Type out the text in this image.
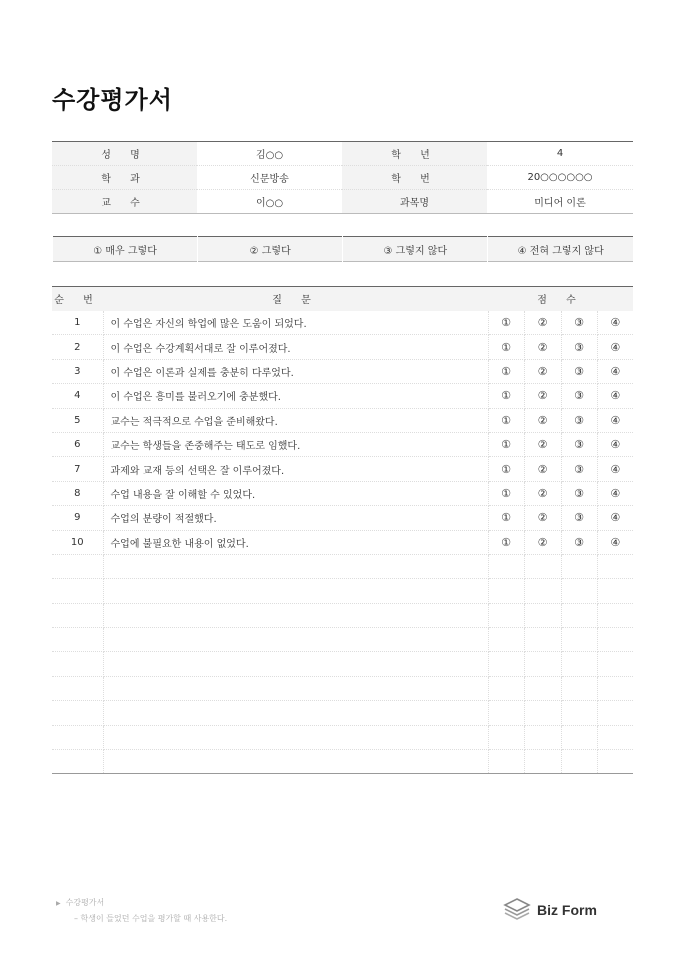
수강평가서
성 명	김○○	학 년	4
학 과	신문방송	학 번	20○○○○○○
교 수	이○○	과목명	미디어 이론
① 매우 그렇다	② 그렇다	③ 그렇지 않다	④ 전혀 그렇지 않다
순 번	질 문	점 수			
1	이 수업은 자신의 학업에 많은 도움이 되었다.	①	②	③	④
2	이 수업은 수강계획서대로 잘 이루어졌다.	①	②	③	④
3	이 수업은 이론과 실제를 충분히 다루었다.	①	②	③	④
4	이 수업은 흥미를 불러오기에 충분했다.	①	②	③	④
5	교수는 적극적으로 수업을 준비해왔다.	①	②	③	④
6	교수는 학생들을 존중해주는 태도로 임했다.	①	②	③	④
7	과제와 교재 등의 선택은 잘 이루어졌다.	①	②	③	④
8	수업 내용을 잘 이해할 수 있었다.	①	②	③	④
9	수업의 분량이 적절했다.	①	②	③	④
10	수업에 불필요한 내용이 없었다.	①	②	③	④

▶ 수강평가서
– 학생이 들었던 수업을 평가할 때 사용한다.
Biz Form
